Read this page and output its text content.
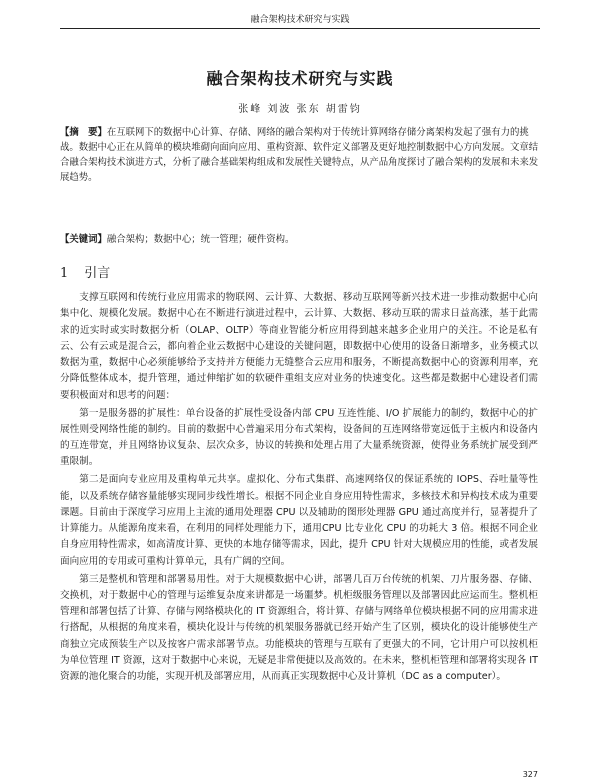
融合架构技术研究与实践
融合架构技术研究与实践
张峰 刘波 张东 胡雷钧
【摘　要】在互联网下的数据中心计算、存储、网络的融合架构对于传统计算网络存储分离架构发起了强有力的挑战。数据中心正在从简单的模块堆砌向面向应用、重构资源、软件定义部署及更好地控制数据中心方向发展。文章结合融合架构技术演进方式，分析了融合基础架构组成和发展性关键特点，从产品角度探讨了融合架构的发展和未来发展趋势。
【关键词】融合架构；数据中心；统一管理；硬件资构。
1 引言

支撑互联网和传统行业应用需求的物联网、云计算、大数据、移动互联网等新兴技术进一步推动数据中心向集中化、规模化发展。数据中心在不断进行演进过程中，云计算、大数据、移动互联的需求日益高涨，基于此需求的近实时或实时数据分析（OLAP、OLTP）等商业智能分析应用得到越来越多企业用户的关注。不论是私有云、公有云或是混合云，都向着企业云数据中心建设的关键问题，即数据中心使用的设备日渐增多，业务模式以数据为重，数据中心必须能够给予支持并方便能力无缝整合云应用和服务，不断提高数据中心的资源利用率，充分降低整体成本，提升管理，通过伸缩扩如的软硬件重组支应对业务的快速变化。这些都是数据中心建设者们需要积极面对和思考的问题：

第一是服务器的扩展性：单台设备的扩展性受设备内部 CPU 互连性能、I/O 扩展能力的制约，数据中心的扩展性则受网络性能的制约。目前的数据中心普遍采用分布式架构，设备间的互连网络带宽远低于主板内和设备内的互连带宽，并且网络协议复杂、层次众多，协议的转换和处理占用了大量系统资源，使得业务系统扩展受到严重限制。

第二是面向专业应用及重构单元共享。虚拟化、分布式集群、高速网络仅的保证系统的 IOPS、吞吐量等性能，以及系统存储容量能够实现同步线性增长。根据不同企业自身应用特性需求，多核技术和异构技术成为重要课题。目前由于深度学习应用上主流的通用处理器 CPU 以及辅助的图形处理器 GPU 通过高度并行，显著提升了计算能力。从能源角度来看，在利用的同样处理能力下，通用CPU 比专业化 CPU 的功耗大 3 倍。根据不同企业自身应用特性需求，如高清度计算、更快的本地存储等需求，因此，提升 CPU 针对大规模应用的性能，或者发展面向应用的专用或可重构计算单元，具有广阔的空间。

第三是整机和管理和部署易用性。对于大规模数据中心讲，部署几百万台传统的机架、刀片服务器、存储、交换机，对于数据中心的管理与运维复杂度来讲都是一场噩梦。机柜级服务管理以及部署因此应运而生。整机柜管理和部署包括了计算、存储与网络模块化的 IT 资源组合，将计算、存储与网络单位模块根据不同的应用需求进行搭配，从根据的角度来看，模块化设计与传统的机架服务器就已经开始产生了区别，模块化的设计能够使生产商独立完成预装生产以及按客户需求部署节点。功能模块的管理与互联有了更强大的不同，它计用户可以按机柜为单位管理 IT 资源，这对于数据中心来说，无疑是非常便捷以及高效的。在未来，整机柜管理和部署将实现各 IT 资源的池化聚合的功能，实现开机及部署应用，从而真正实现数据中心及计算机（DC as a computer）。

327
